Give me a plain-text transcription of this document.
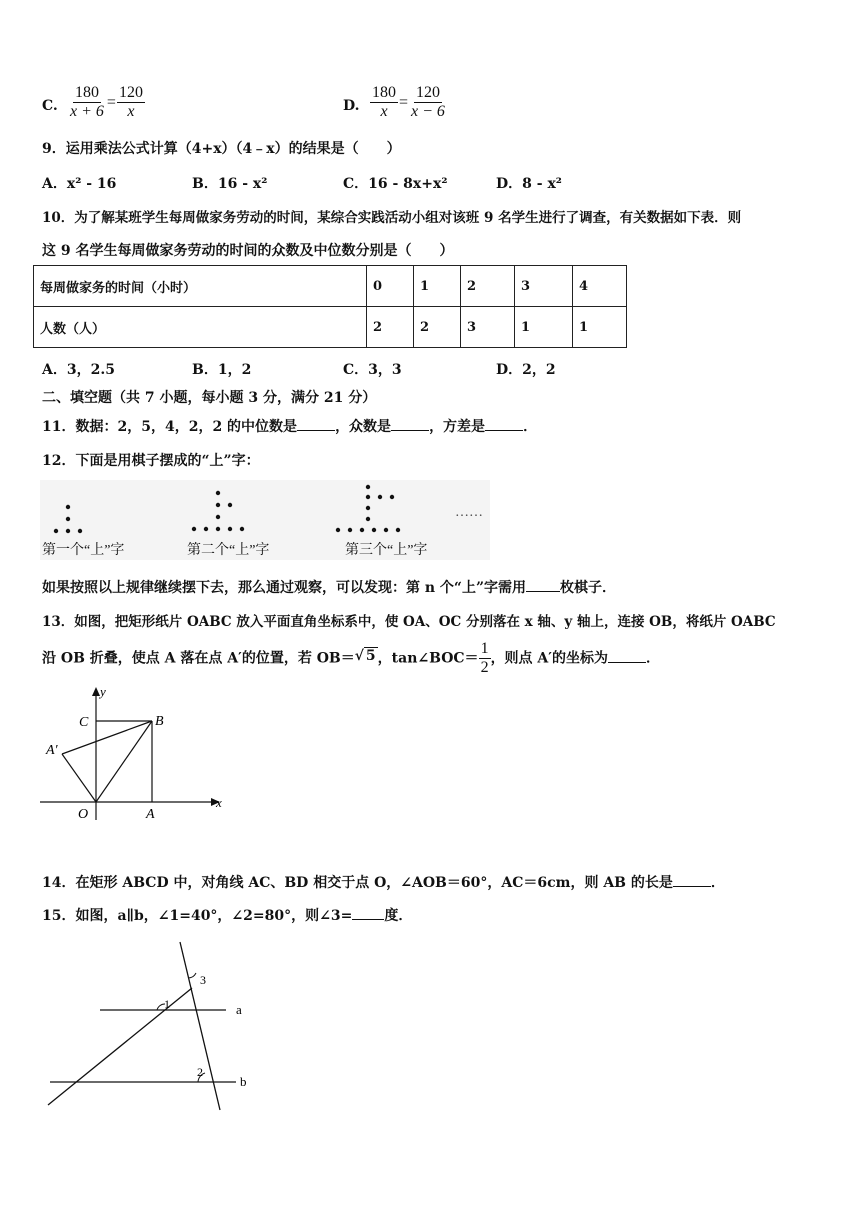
C. $\frac{180}{x + 6} = \frac{120}{x}$	D. $\frac{180}{x} = \frac{120}{x - 6}$
9．运用乘法公式计算（4+x）（4﹣x）的结果是（　　）
A．x² - 16	B．16 - x²	C．16 - 8x+x²	D．8 - x²
10．为了解某班学生每周做家务劳动的时间，某综合实践活动小组对该班 9 名学生进行了调查，有关数据如下表．则
这 9 名学生每周做家务劳动的时间的众数及中位数分别是（　　）
每周做家务的时间（小时）	0	1	2	3	4
人数（人）	2	2	3	1	1
A．3，2.5	B．1，2	C．3，3	D．2，2
二、填空题（共 7 小题，每小题 3 分，满分 21 分）
11．数据：2，5，4，2，2 的中位数是	，众数是	，方差是	．
12．下面是用棋子摆成的“上”字：
……
第一个“上”字	第二个“上”字	第三个“上”字
如果按照以上规律继续摆下去，那么通过观察，可以发现：第 n 个“上”字需用 枚棋子．
13．如图，把矩形纸片 OABC 放入平面直角坐标系中，使 OA、OC 分别落在 x 轴、y 轴上，连接 OB，将纸片 OABC
沿 OB 折叠，使点 A 落在点 A′的位置，若 OB＝√ 5 ，tan∠BOC＝ $\frac{1}{2}$ ，则点 A′的坐标为	．
y
x
C	B
A′
O	A
14．在矩形 ABCD 中，对角线 AC、BD 相交于点 O，∠AOB＝60°，AC＝6cm，则 AB 的长是	．
15．如图，a∥b，∠1=40°，∠2=80°，则∠3= 度．
1
2
3
a
b
